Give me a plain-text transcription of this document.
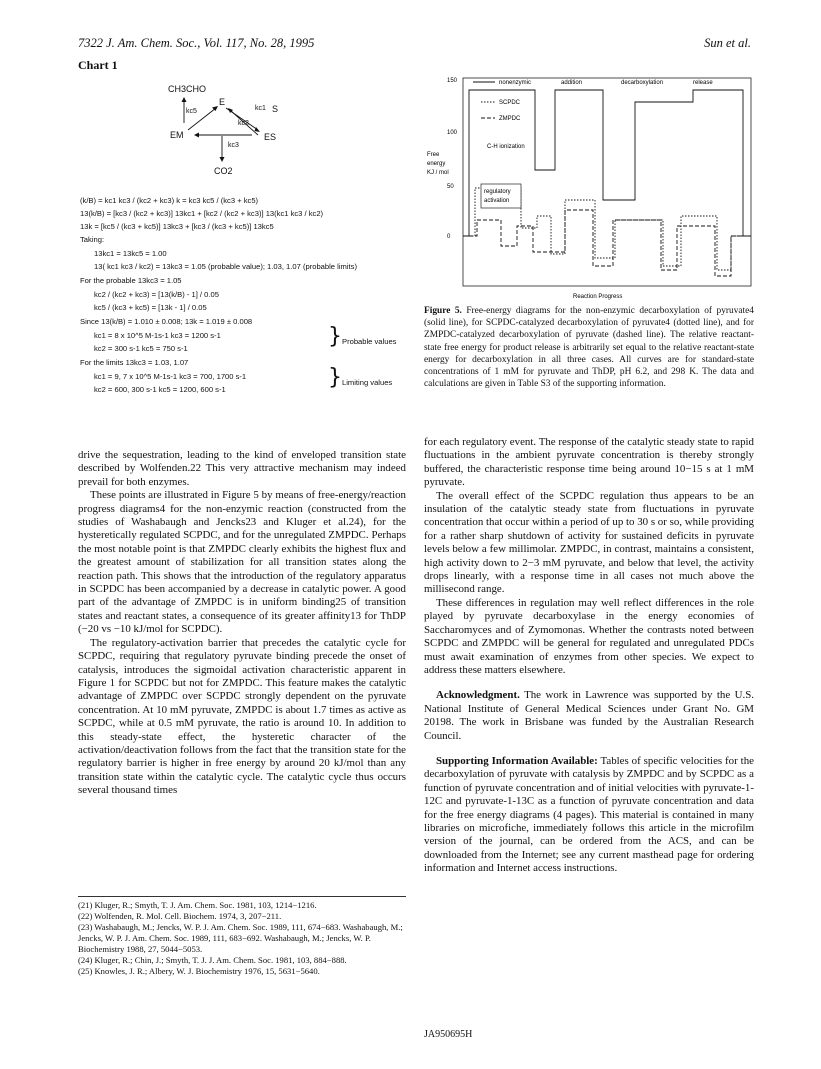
7322 J. Am. Chem. Soc., Vol. 117, No. 28, 1995	Sun et al.
Chart 1
CH3CHO
E
kc5	kc1 S
kc2
EM	ES
kc3
CO2
(k/B) = kc1 kc3 / (kc2 + kc3) k = kc3 kc5 / (kc3 + kc5)
13(k/B) = [kc3 / (kc2 + kc3)] 13kc1 + [kc2 / (kc2 + kc3)] 13(kc1 kc3 / kc2)
13k = [kc5 / (kc3 + kc5)] 13kc3 + [kc3 / (kc3 + kc5)] 13kc5
Taking:
13kc1 = 13kc5 = 1.00
13( kc1 kc3 / kc2) = 13kc3 = 1.05 (probable value); 1.03, 1.07 (probable limits)
For the probable 13kc3 = 1.05
kc2 / (kc2 + kc3) = [13(k/B) - 1] / 0.05
kc5 / (kc3 + kc5) = [13k - 1] / 0.05
Since 13(k/B) = 1.010 ± 0.008; 13k = 1.019 ± 0.008
kc1 = 8 x 10^5 M-1s-1 kc3 = 1200 s-1
kc2 = 300 s-1 kc5 = 750 s-1
Probable values
For the limits 13kc3 = 1.03, 1.07
kc1 = 9, 7 x 10^5 M-1s-1 kc3 = 700, 1700 s-1
kc2 = 600, 300 s-1 kc5 = 1200, 600 s-1
Limiting values
}
}
150
100
50
0
Free
energy
KJ / mol
Reaction Progress
nonenzymic
SCPDC
ZMPDC
addition	decarboxylation	release
C-H ionization
regulatory
activation
Figure 5. Free-energy diagrams for the non-enzymic decarboxylation of pyruvate4 (solid line), for SCPDC-catalyzed decarboxylation of pyruvate4 (dotted line), and for ZMPDC-catalyzed decarboxylation of pyruvate (dashed line). The relative reactant-state free energy for product release is arbitrarily set equal to the relative reactant-state energy for decarboxylation in all three cases. All curves are for standard-state concentrations of 1 mM for pyruvate and ThDP, pH 6.2, and 298 K. The data and calculations are given in Table S3 of the supporting information.

drive the sequestration, leading to the kind of enveloped transition state described by Wolfenden.22 This very attractive mechanism may indeed prevail for both enzymes.

These points are illustrated in Figure 5 by means of free-energy/reaction progress diagrams4 for the non-enzymic reaction (constructed from the studies of Washabaugh and Jencks23 and Kluger et al.24), for the hysteretically regulated SCPDC, and for the unregulated ZMPDC. Perhaps the most notable point is that ZMPDC clearly exhibits the highest flux and the greatest amount of stabilization for all transition states along the reaction path. This shows that the introduction of the regulatory apparatus in SCPDC has been accompanied by a decrease in catalytic power. A good part of the advantage of ZMPDC is in uniform binding25 of transition states and reactant states, a consequence of its greater affinity13 for ThDP (−20 vs −10 kJ/mol for SCPDC).

The regulatory-activation barrier that precedes the catalytic cycle for SCPDC, requiring that regulatory pyruvate binding precede the onset of catalysis, introduces the sigmoidal activation characteristic apparent in Figure 1 for SCPDC but not for ZMPDC. This feature makes the catalytic advantage of ZMPDC over SCPDC strongly dependent on the pyruvate concentration. At 10 mM pyruvate, ZMPDC is about 1.7 times as active as SCPDC, while at 0.5 mM pyruvate, the ratio is around 10. In addition to this steady-state effect, the hysteretic character of the activation/deactivation follows from the fact that the transition state for the regulatory barrier is higher in free energy by around 20 kJ/mol than any transition state within the catalytic cycle. The catalytic cycle thus occurs several thousand times

(21) Kluger, R.; Smyth, T. J. Am. Chem. Soc. 1981, 103, 1214−1216.
(22) Wolfenden, R. Mol. Cell. Biochem. 1974, 3, 207−211.
(23) Washabaugh, M.; Jencks, W. P. J. Am. Chem. Soc. 1989, 111, 674−683. Washabaugh, M.; Jencks, W. P. J. Am. Chem. Soc. 1989, 111, 683−692. Washabaugh, M.; Jencks, W. P. Biochemistry 1988, 27, 5044−5053.
(24) Kluger, R.; Chin, J.; Smyth, T. J. J. Am. Chem. Soc. 1981, 103, 884−888.
(25) Knowles, J. R.; Albery, W. J. Biochemistry 1976, 15, 5631−5640.

for each regulatory event. The response of the catalytic steady state to rapid fluctuations in the ambient pyruvate concentration is thereby strongly buffered, the characteristic response time being around 10−15 s at 1 mM pyruvate.

The overall effect of the SCPDC regulation thus appears to be an insulation of the catalytic steady state from fluctuations in pyruvate concentration that occur within a period of up to 30 s or so, while providing for a rather sharp shutdown of activity for sustained deficits in pyruvate levels below a few millimolar. ZMPDC, in contrast, maintains a consistent, high activity down to 2−3 mM pyruvate, and below that level, the activity drops linearly, with a response time in all cases not much above the millisecond range.

These differences in regulation may well reflect differences in the role played by pyruvate decarboxylase in the energy economies of Saccharomyces and of Zymomonas. Whether the contrasts noted between SCPDC and ZMPDC will be general for regulated and unregulated PDCs must await examination of enzymes from other species. We expect to address these matters elsewhere.

Acknowledgment. The work in Lawrence was supported by the U.S. National Institute of General Medical Sciences under Grant No. GM 20198. The work in Brisbane was funded by the Australian Research Council.

Supporting Information Available: Tables of specific velocities for the decarboxylation of pyruvate with catalysis by ZMPDC and by SCPDC as a function of pyruvate concentration and of initial velocities with pyruvate-1-12C and pyruvate-1-13C as a function of pyruvate concentration and data for the free energy diagrams (4 pages). This material is contained in many libraries on microfiche, immediately follows this article in the microfilm version of the journal, can be ordered from the ACS, and can be downloaded from the Internet; see any current masthead page for ordering information and Internet access instructions.

JA950695H
